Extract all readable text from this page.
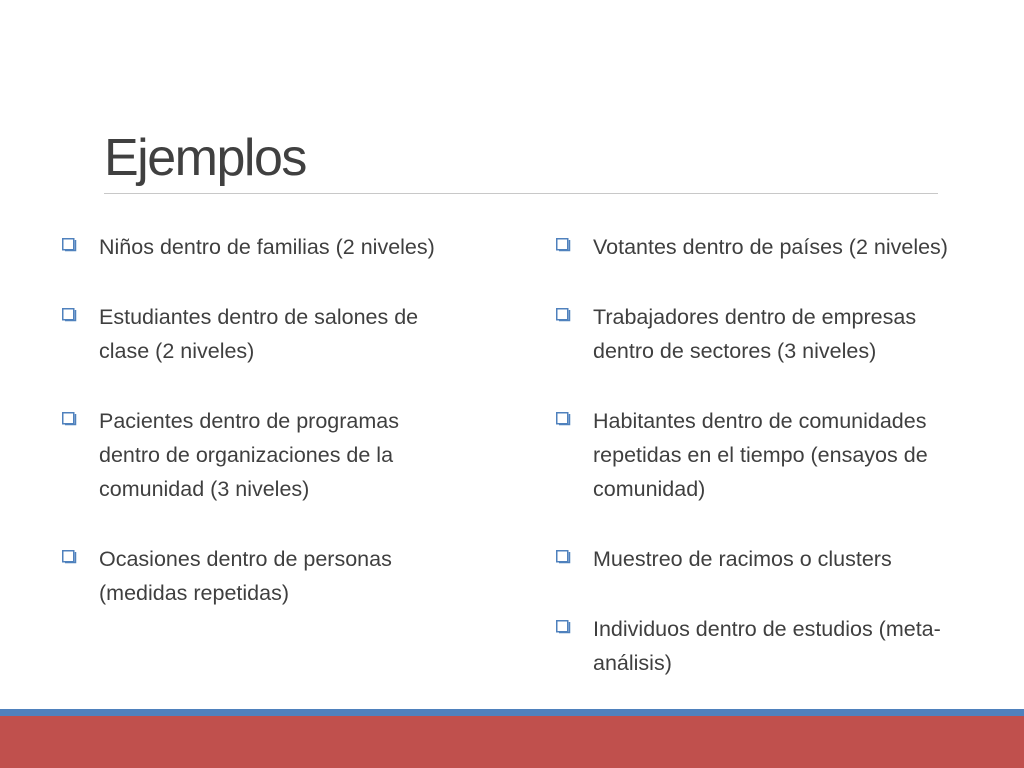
Ejemplos
Niños dentro de familias (2 niveles)
Estudiantes dentro de salones de clase (2 niveles)
Pacientes dentro de programas dentro de organizaciones de la comunidad (3 niveles)
Ocasiones dentro de personas (medidas repetidas)
Votantes dentro de países (2 niveles)
Trabajadores dentro de empresas dentro de sectores (3 niveles)
Habitantes dentro de comunidades repetidas en el tiempo (ensayos de comunidad)
Muestreo de racimos o clusters
Individuos dentro de estudios (meta-análisis)
